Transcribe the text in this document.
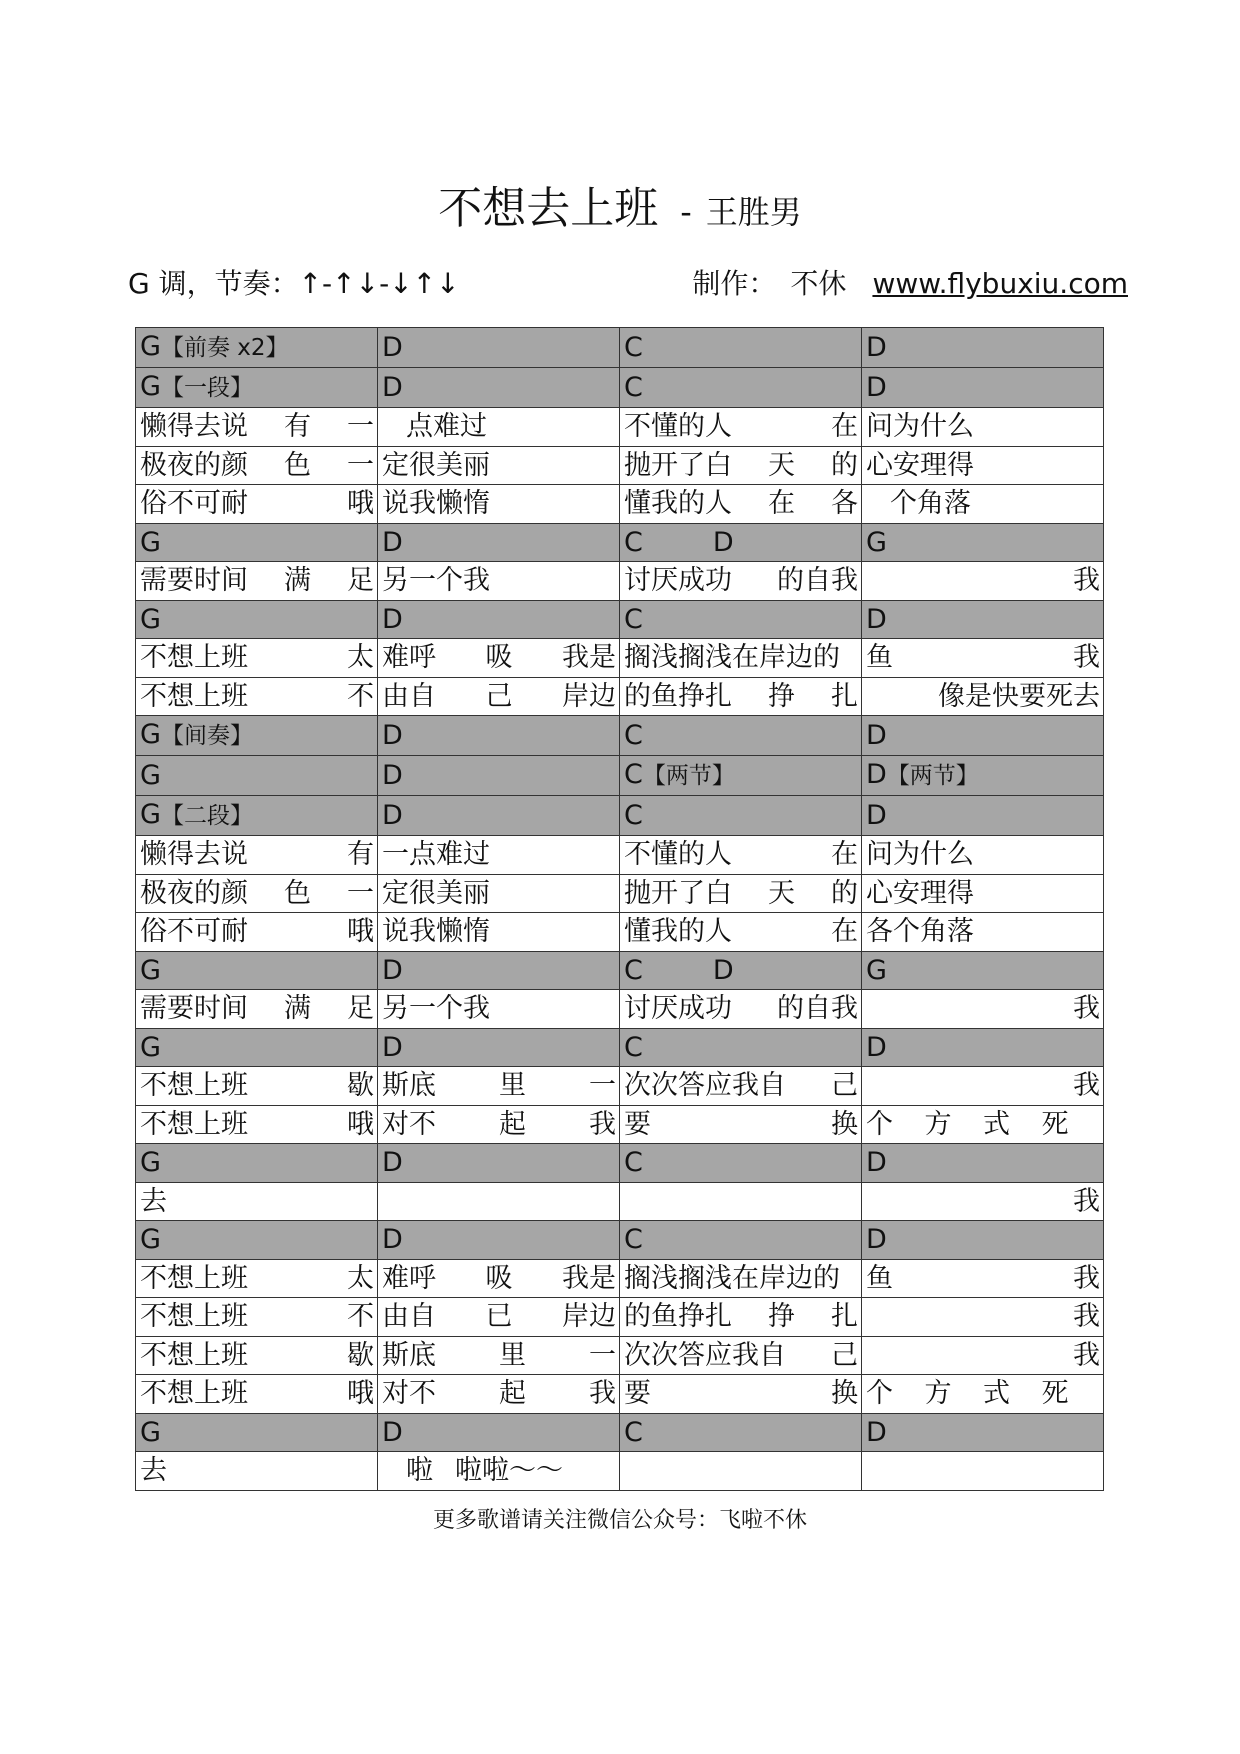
不想去上班 - 王胜男
G 调，节奏：↑-↑↓-↓↑↓	制作： 不休 www.flybuxiu.com
G【前奏 x2】	D	C	D
G【一段】	D	C	D

懒得去说 有 一	点难过	不懂的人 在	问为什么

极夜的颜 色 一	定很美丽	抛开了白 天 的	心安理得

俗不可耐 哦	说我懒惰	懂我的人 在 各	个角落

G	D	C D	G

需要时间 满 足	另一个我	讨厌成功 的自我	我

G	D	C	D

不想上班 太	难呼 吸 我是	搁浅搁浅在岸边的	鱼 我

不想上班 不	由自 己 岸边	的鱼挣扎 挣 扎	像是快要死去

G【间奏】	D	C	D
G	D	C【两节】	D【两节】
G【二段】	D	C	D

懒得去说 有	一点难过	不懂的人 在	问为什么

极夜的颜 色 一	定很美丽	抛开了白 天 的	心安理得

俗不可耐 哦	说我懒惰	懂我的人 在	各个角落

G	D	C D	G

需要时间 满 足	另一个我	讨厌成功 的自我	我

G	D	C	D

不想上班 歇	斯底 里 一	次次答应我自 己	我

不想上班 哦	对不 起 我	要 换	个 方 式 死

G	D	C	D

去			我

G	D	C	D

不想上班 太	难呼 吸 我是	搁浅搁浅在岸边的	鱼 我

不想上班 不	由自 已 岸边	的鱼挣扎 挣 扎	我

不想上班 歇	斯底 里 一	次次答应我自 己	我

不想上班 哦	对不 起 我	要 换	个 方 式 死

G	D	C	D

去	啦 啦啦～～		

更多歌谱请关注微信公众号：飞啦不休
